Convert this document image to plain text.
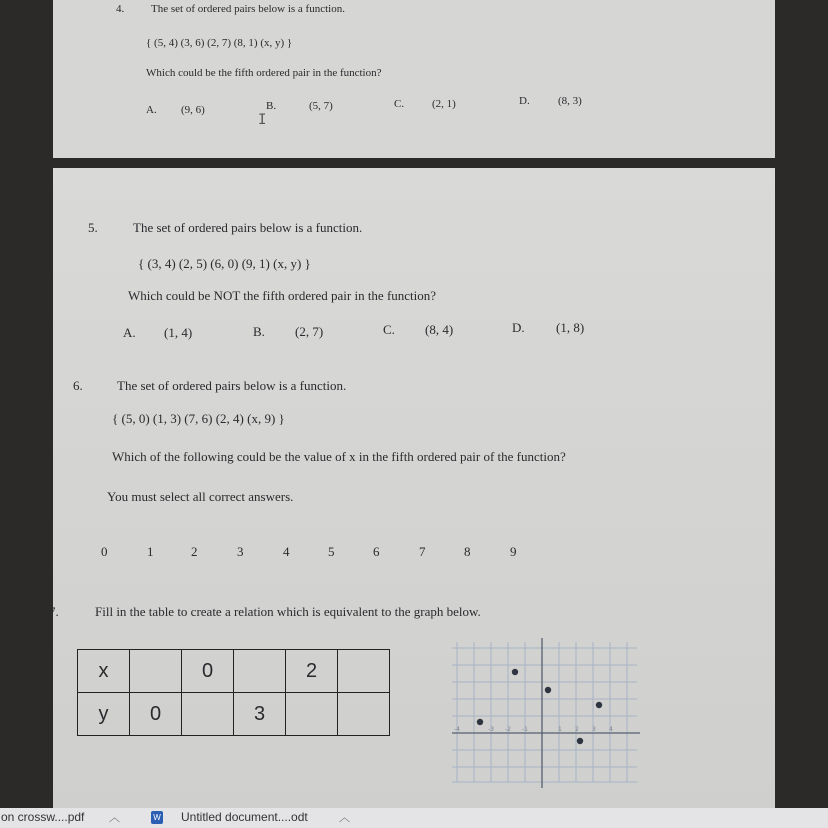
4. The set of ordered pairs below is a function.
{ (5, 4) (3, 6) (2, 7) (8, 1) (x, y) }
Which could be the fifth ordered pair in the function?
A. (9, 6)	B.	(5, 7)	C.	(2, 1)	D.	(8, 3)
I
5.	The set of ordered pairs below is a function.
{ (3, 4) (2, 5) (6, 0) (9, 1) (x, y) }
Which could be NOT the fifth ordered pair in the function?
A. (1, 4)	B. (2, 7)	C. (8, 4)	D. (1, 8)
6.	The set of ordered pairs below is a function.
{ (5, 0) (1, 3) (7, 6) (2, 4) (x, 9) }
Which of the following could be the value of x in the fifth ordered pair of the function?
You must select all correct answers.
0	1	2	3	4	5	6	7	8	9
7.	Fill in the table to create a relation which is equivalent to the graph below.
x		0		2	
y	0		3		
-4	-3 -2 -1	1 2 3 4
on crossw....pdf ︿	W Untitled document....odt	︿
